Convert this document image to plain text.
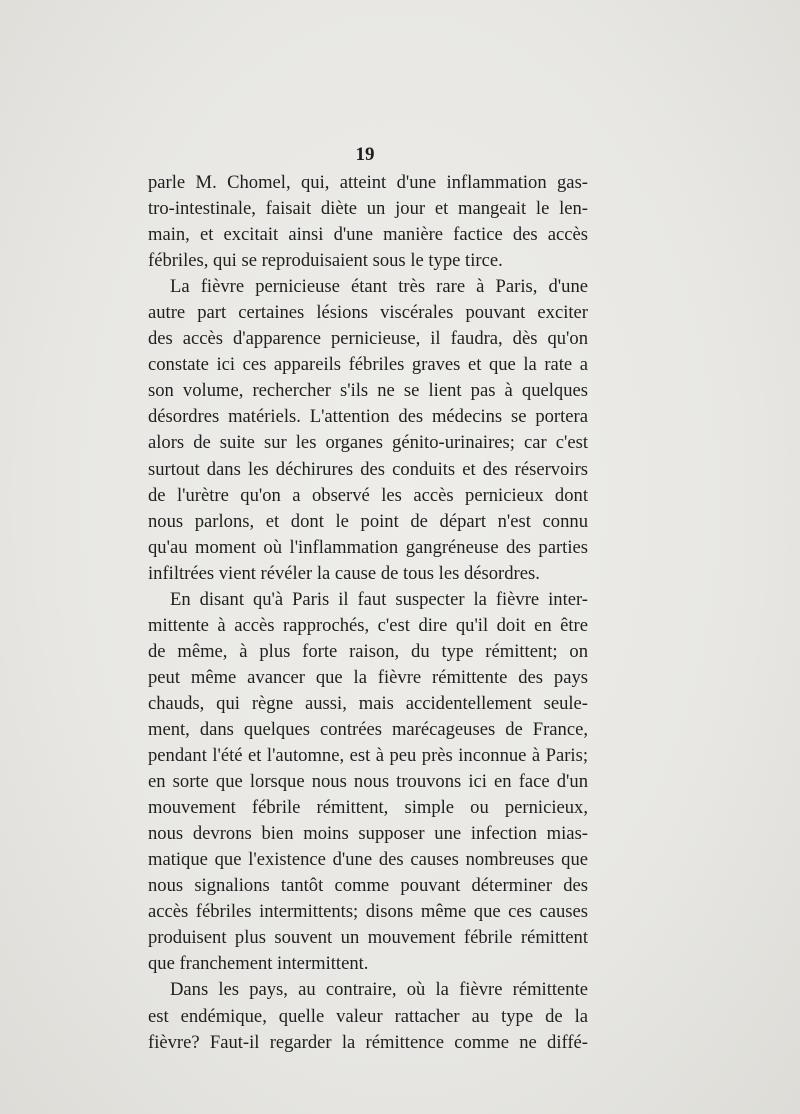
19
parle M. Chomel, qui, atteint d'une inflammation gas-
tro-intestinale, faisait diète un jour et mangeait le len-
main, et excitait ainsi d'une manière factice des accès
fébriles, qui se reproduisaient sous le type tirce.
La fièvre pernicieuse étant très rare à Paris, d'une
autre part certaines lésions viscérales pouvant exciter
des accès d'apparence pernicieuse, il faudra, dès qu'on
constate ici ces appareils fébriles graves et que la rate a
son volume, rechercher s'ils ne se lient pas à quelques
désordres matériels. L'attention des médecins se portera
alors de suite sur les organes génito-urinaires; car c'est
surtout dans les déchirures des conduits et des réservoirs
de l'urètre qu'on a observé les accès pernicieux dont
nous parlons, et dont le point de départ n'est connu
qu'au moment où l'inflammation gangréneuse des parties
infiltrées vient révéler la cause de tous les désordres.
En disant qu'à Paris il faut suspecter la fièvre inter-
mittente à accès rapprochés, c'est dire qu'il doit en être
de même, à plus forte raison, du type rémittent; on
peut même avancer que la fièvre rémittente des pays
chauds, qui règne aussi, mais accidentellement seule-
ment, dans quelques contrées marécageuses de France,
pendant l'été et l'automne, est à peu près inconnue à Paris;
en sorte que lorsque nous nous trouvons ici en face d'un
mouvement fébrile rémittent, simple ou pernicieux,
nous devrons bien moins supposer une infection mias-
matique que l'existence d'une des causes nombreuses que
nous signalions tantôt comme pouvant déterminer des
accès fébriles intermittents; disons même que ces causes
produisent plus souvent un mouvement fébrile rémittent
que franchement intermittent.
Dans les pays, au contraire, où la fièvre rémittente
est endémique, quelle valeur rattacher au type de la
fièvre? Faut-il regarder la rémittence comme ne diffé-
